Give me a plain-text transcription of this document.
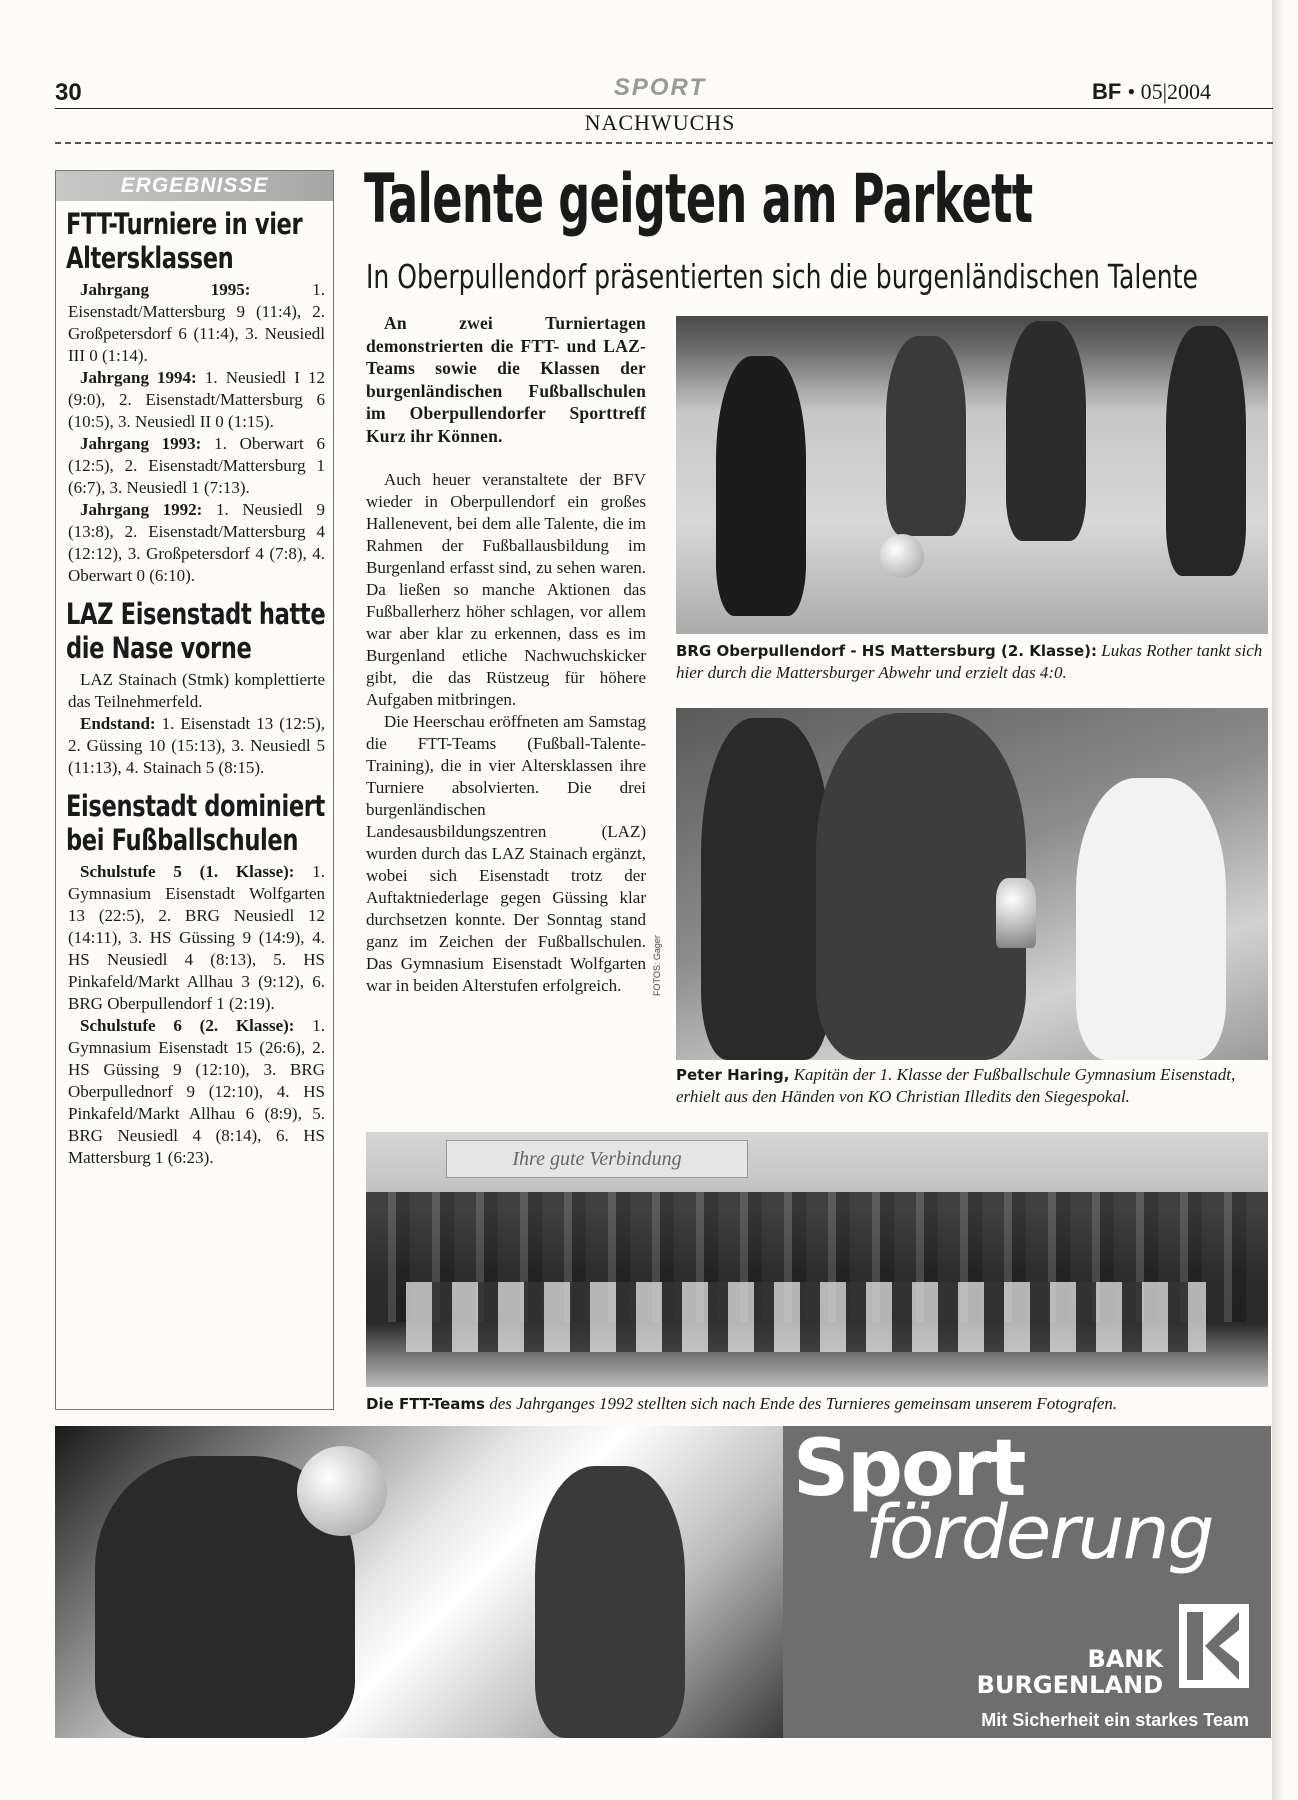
30	SPORT	BF • 05|2004
NACHWUCHS
ERGEBNISSE
FTT-Turniere in vier Altersklassen

Jahrgang 1995: 1. Eisenstadt/Mattersburg 9 (11:4), 2. Großpetersdorf 6 (11:4), 3. Neusiedl III 0 (1:14).

Jahrgang 1994: 1. Neusiedl I 12 (9:0), 2. Eisenstadt/Mattersburg 6 (10:5), 3. Neusiedl II 0 (1:15).

Jahrgang 1993: 1. Oberwart 6 (12:5), 2. Eisenstadt/Mattersburg 1 (6:7), 3. Neusiedl 1 (7:13).

Jahrgang 1992: 1. Neusiedl 9 (13:8), 2. Eisenstadt/Mattersburg 4 (12:12), 3. Großpetersdorf 4 (7:8), 4. Oberwart 0 (6:10).

LAZ Eisenstadt hatte die Nase vorne

LAZ Stainach (Stmk) komplettierte das Teilnehmerfeld.

Endstand: 1. Eisenstadt 13 (12:5), 2. Güssing 10 (15:13), 3. Neusiedl 5 (11:13), 4. Stainach 5 (8:15).

Eisenstadt dominiert bei Fußballschulen

Schulstufe 5 (1. Klasse): 1. Gymnasium Eisenstadt Wolfgarten 13 (22:5), 2. BRG Neusiedl 12 (14:11), 3. HS Güssing 9 (14:9), 4. HS Neusiedl 4 (8:13), 5. HS Pinkafeld/Markt Allhau 3 (9:12), 6. BRG Oberpullendorf 1 (2:19).

Schulstufe 6 (2. Klasse): 1. Gymnasium Eisenstadt 15 (26:6), 2. HS Güssing 9 (12:10), 3. BRG Oberpullednorf 9 (12:10), 4. HS Pinkafeld/Markt Allhau 6 (8:9), 5. BRG Neusiedl 4 (8:14), 6. HS Mattersburg 1 (6:23).

Talente geigten am Parkett
In Oberpullendorf präsentierten sich die burgenländischen Talente

An zwei Turniertagen demonstrierten die FTT- und LAZ-Teams sowie die Klassen der burgenländischen Fußballschulen im Oberpullendorfer Sporttreff Kurz ihr Können.

Auch heuer veranstaltete der BFV wieder in Oberpullendorf ein großes Hallenevent, bei dem alle Talente, die im Rahmen der Fußballausbildung im Burgenland erfasst sind, zu sehen waren. Da ließen so manche Aktionen das Fußballerherz höher schlagen, vor allem war aber klar zu erkennen, dass es im Burgenland etliche Nachwuchskicker gibt, die das Rüstzeug für höhere Aufgaben mitbringen.

Die Heerschau eröffneten am Samstag die FTT-Teams (Fußball-Talente-Training), die in vier Altersklassen ihre Turniere absolvierten. Die drei burgenländischen Landesausbildungszentren (LAZ) wurden durch das LAZ Stainach ergänzt, wobei sich Eisenstadt trotz der Auftaktniederlage gegen Güssing klar durchsetzen konnte. Der Sonntag stand ganz im Zeichen der Fußballschulen. Das Gymnasium Eisenstadt Wolfgarten war in beiden Alterstufen erfolgreich.

BRG Oberpullendorf - HS Mattersburg (2. Klasse): Lukas Rother tankt sich hier durch die Mattersburger Abwehr und erzielt das 4:0.
FOTOS: Gager
Peter Haring, Kapitän der 1. Klasse der Fußballschule Gymnasium Eisenstadt, erhielt aus den Händen von KO Christian Illedits den Siegespokal.
Ihre gute Verbindung
Die FTT-Teams des Jahrganges 1992 stellten sich nach Ende des Turnieres gemeinsam unserem Fotografen.
Sport
förderung
BANK
BURGENLAND
Mit Sicherheit ein starkes Team
